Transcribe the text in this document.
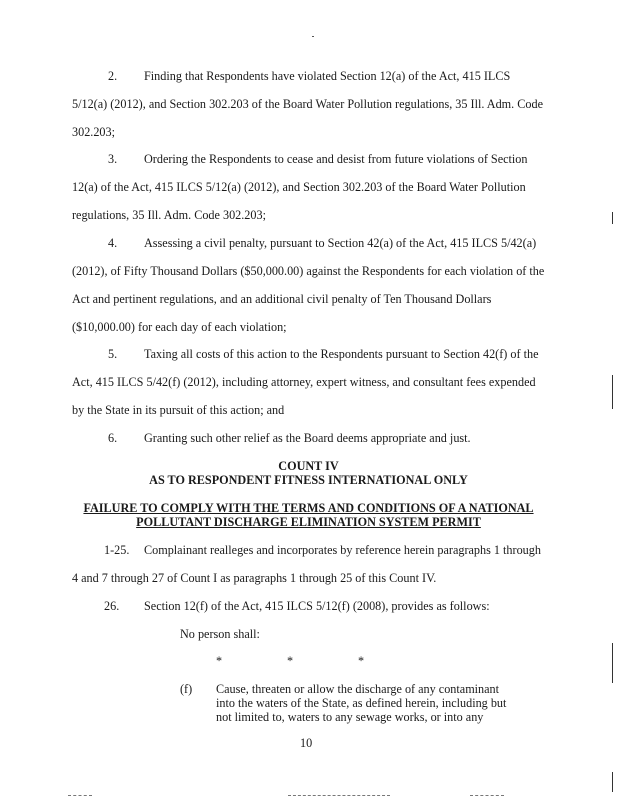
2. Finding that Respondents have violated Section 12(a) of the Act, 415 ILCS
5/12(a) (2012), and Section 302.203 of the Board Water Pollution regulations, 35 Ill. Adm. Code
302.203;
3. Ordering the Respondents to cease and desist from future violations of Section
12(a) of the Act, 415 ILCS 5/12(a) (2012), and Section 302.203 of the Board Water Pollution
regulations, 35 Ill. Adm. Code 302.203;
4. Assessing a civil penalty, pursuant to Section 42(a) of the Act, 415 ILCS 5/42(a)
(2012), of Fifty Thousand Dollars ($50,000.00) against the Respondents for each violation of the
Act and pertinent regulations, and an additional civil penalty of Ten Thousand Dollars
($10,000.00) for each day of each violation;
5. Taxing all costs of this action to the Respondents pursuant to Section 42(f) of the
Act, 415 ILCS 5/42(f) (2012), including attorney, expert witness, and consultant fees expended
by the State in its pursuit of this action; and
6. Granting such other relief as the Board deems appropriate and just.
COUNT IV
AS TO RESPONDENT FITNESS INTERNATIONAL ONLY
FAILURE TO COMPLY WITH THE TERMS AND CONDITIONS OF A NATIONAL
POLLUTANT DISCHARGE ELIMINATION SYSTEM PERMIT
1-25. Complainant realleges and incorporates by reference herein paragraphs 1 through
4 and 7 through 27 of Count I as paragraphs 1 through 25 of this Count IV.
26. Section 12(f) of the Act, 415 ILCS 5/12(f) (2008), provides as follows:
No person shall:
*	*	*
(f) Cause, threaten or allow the discharge of any contaminant
into the waters of the State, as defined herein, including but
not limited to, waters to any sewage works, or into any
10
